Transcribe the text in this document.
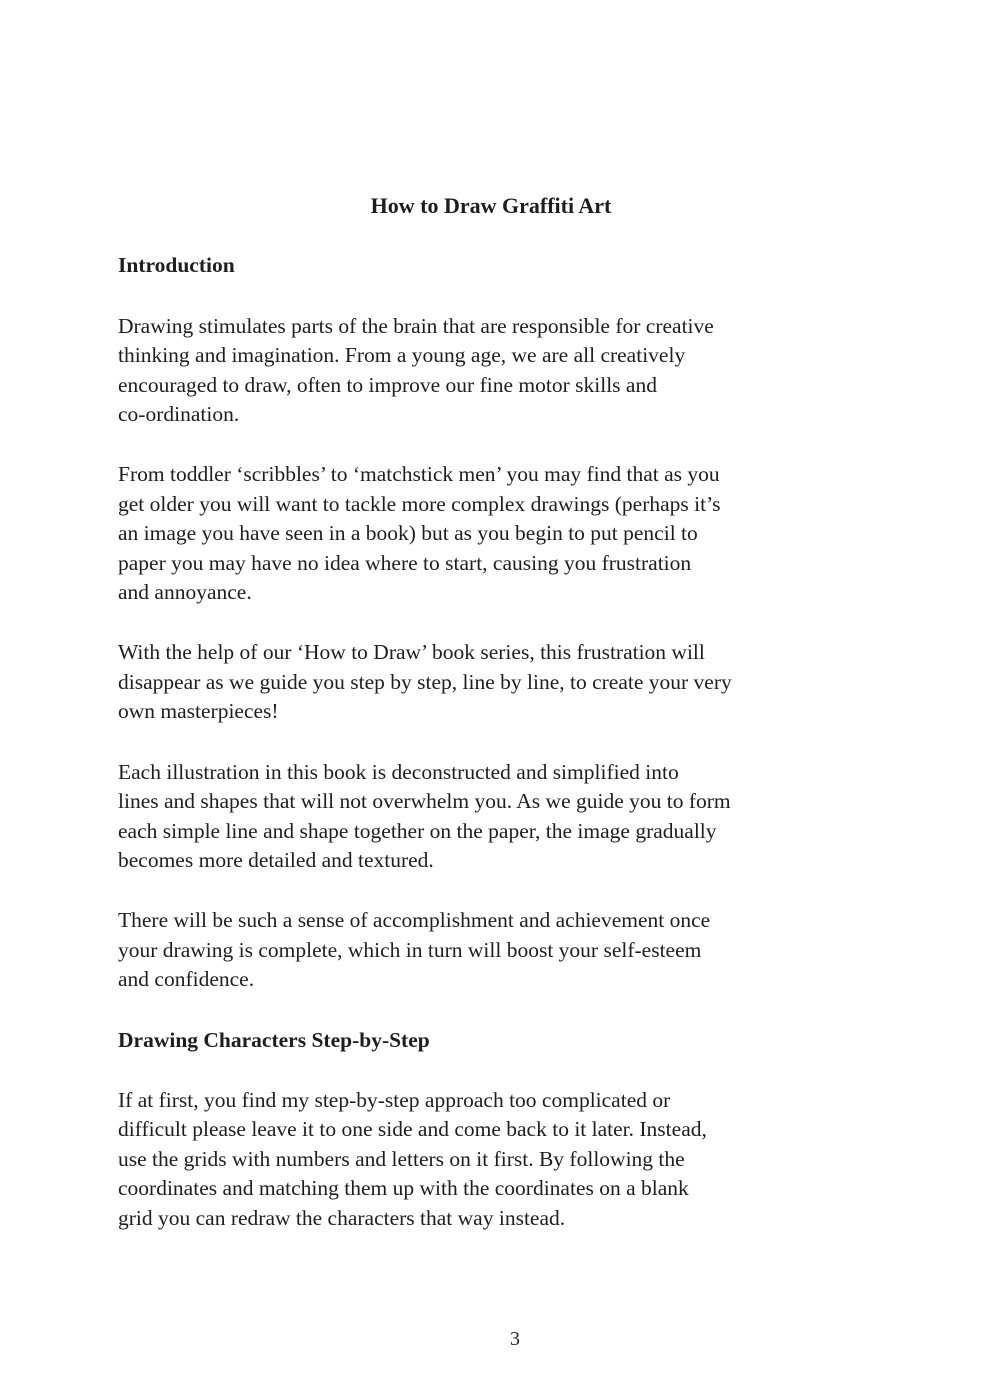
How to Draw Graffiti Art
Introduction

Drawing stimulates parts of the brain that are responsible for creative
thinking and imagination. From a young age, we are all creatively
encouraged to draw, often to improve our fine motor skills and
co-ordination.

From toddler ‘scribbles’ to ‘matchstick men’ you may find that as you
get older you will want to tackle more complex drawings (perhaps it’s
an image you have seen in a book) but as you begin to put pencil to
paper you may have no idea where to start, causing you frustration
and annoyance.

With the help of our ‘How to Draw’ book series, this frustration will
disappear as we guide you step by step, line by line, to create your very
own masterpieces!

Each illustration in this book is deconstructed and simplified into
lines and shapes that will not overwhelm you. As we guide you to form
each simple line and shape together on the paper, the image gradually
becomes more detailed and textured.

There will be such a sense of accomplishment and achievement once
your drawing is complete, which in turn will boost your self-esteem
and confidence.

Drawing Characters Step-by-Step

If at first, you find my step-by-step approach too complicated or
difficult please leave it to one side and come back to it later. Instead,
use the grids with numbers and letters on it first. By following the
coordinates and matching them up with the coordinates on a blank
grid you can redraw the characters that way instead.

3
